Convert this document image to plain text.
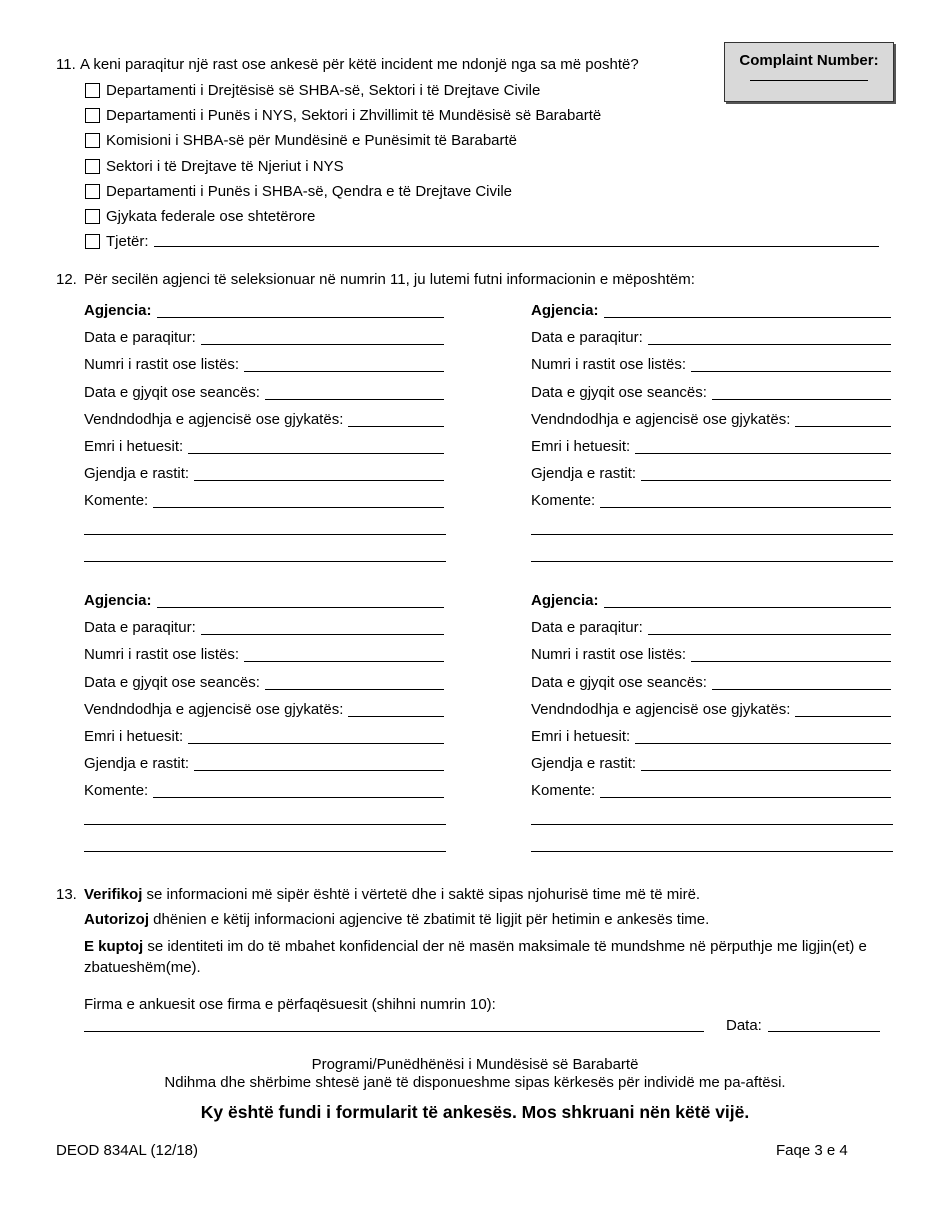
Complaint Number:
11. A keni paraqitur një rast ose ankesë për këtë incident me ndonjë nga sa më poshtë?
Departamenti i Drejtësisë së SHBA-së, Sektori i të Drejtave Civile
Departamenti i Punës i NYS, Sektori i Zhvillimit të Mundësisë së Barabartë
Komisioni i SHBA-së për Mundësinë e Punësimit të Barabartë
Sektori i të Drejtave të Njeriut i NYS
Departamenti i Punës i SHBA-së, Qendra e të Drejtave Civile
Gjykata federale ose shtetërore
Tjetër:
12. Për secilën agjenci të seleksionuar në numrin 11, ju lutemi futni informacionin e mëposhtëm:
Agjencia:
Data e paraqitur:
Numri i rastit ose listës:
Data e gjyqit ose seancës:
Vendndodhja e agjencisë ose gjykatës:
Emri i hetuesit:
Gjendja e rastit:
Komente:
Agjencia:
Data e paraqitur:
Numri i rastit ose listës:
Data e gjyqit ose seancës:
Vendndodhja e agjencisë ose gjykatës:
Emri i hetuesit:
Gjendja e rastit:
Komente:
Agjencia:
Data e paraqitur:
Numri i rastit ose listës:
Data e gjyqit ose seancës:
Vendndodhja e agjencisë ose gjykatës:
Emri i hetuesit:
Gjendja e rastit:
Komente:
Agjencia:
Data e paraqitur:
Numri i rastit ose listës:
Data e gjyqit ose seancës:
Vendndodhja e agjencisë ose gjykatës:
Emri i hetuesit:
Gjendja e rastit:
Komente:
13. Verifikoj se informacioni më sipër është i vërtetë dhe i saktë sipas njohurisë time më të mirë.
Autorizoj dhënien e këtij informacioni agjencive të zbatimit të ligjit për hetimin e ankesës time.
E kuptoj se identiteti im do të mbahet konfidencial der në masën maksimale të mundshme në përputhje me ligjin(et) e zbatueshëm(me).
Firma e ankuesit ose firma e përfaqësuesit (shihni numrin 10):
Data:
Programi/Punëdhënësi i Mundësisë së Barabartë
Ndihma dhe shërbime shtesë janë të disponueshme sipas kërkesës për individë me pa-aftësi.
Ky është fundi i formularit të ankesës. Mos shkruani nën këtë vijë.
DEOD 834AL (12/18)	Faqe 3 e 4
